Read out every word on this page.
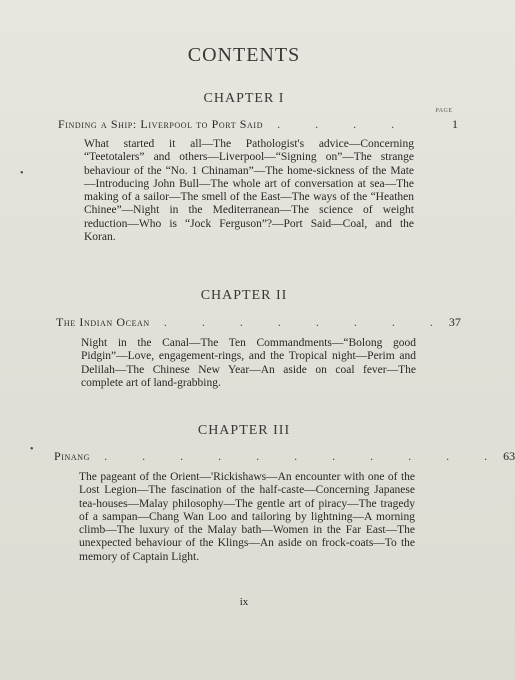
CONTENTS
PAGE
CHAPTER I
Finding a Ship: Liverpool to Port Said	. . . .	1
What started it all—The Pathologist's advice—Concerning “Teetotalers” and others—Liverpool—“Signing on”—The strange behaviour of the “No. 1 Chinaman”—The home-sickness of the Mate—Introducing John Bull—The whole art of conversation at sea—The making of a sailor—The smell of the East—The ways of the “Heathen Chinee”—Night in the Mediterranean—The science of weight reduction—Who is “Jock Ferguson”?—Port Said—Coal, and the Koran.
CHAPTER II
The Indian Ocean	. . . . . . . . 37
Night in the Canal—The Ten Commandments—“Bolong good Pidgin”—Love, engagement-rings, and the Tropical night—Perim and Delilah—The Chinese New Year—An aside on coal fever—The complete art of land-grabbing.
CHAPTER III
Pinang	. . . . . . . . . . . 63
The pageant of the Orient—'Rickishaws—An encounter with one of the Lost Legion—The fascination of the half-caste—Concerning Japanese tea-houses—Malay philosophy—The gentle art of piracy—The tragedy of a sampan—Chang Wan Loo and tailoring by lightning—A morning climb—The luxury of the Malay bath—Women in the Far East—The unexpected behaviour of the Klings—An aside on frock-coats—To the memory of Captain Light.
ix
•
•
